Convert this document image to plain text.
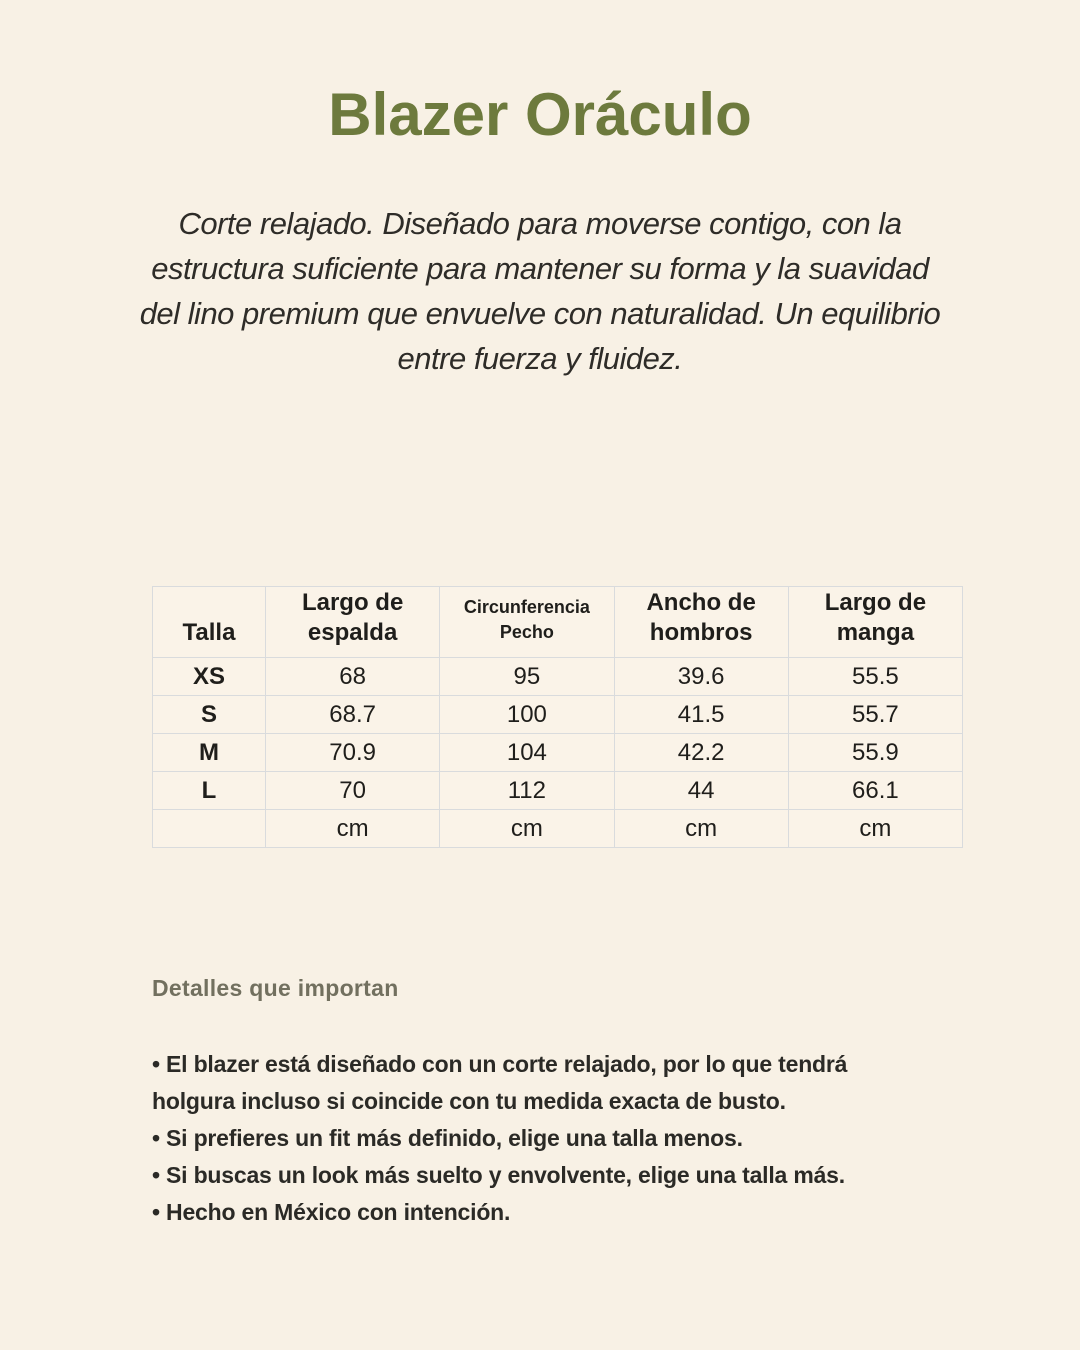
Blazer Oráculo
Corte relajado. Diseñado para moverse contigo, con la
estructura suficiente para mantener su forma y la suavidad
del lino premium que envuelve con naturalidad. Un equilibrio
entre fuerza y fluidez.
Talla	Largo de espalda	Circunferencia Pecho	Ancho de hombros	Largo de manga
XS	68	95	39.6	55.5
S	68.7	100	41.5	55.7
M	70.9	104	42.2	55.9
L	70	112	44	66.1
	cm	cm	cm	cm
Detalles que importan
• El blazer está diseñado con un corte relajado, por lo que tendrá holgura incluso si coincide con tu medida exacta de busto.
• Si prefieres un fit más definido, elige una talla menos.
• Si buscas un look más suelto y envolvente, elige una talla más.
• Hecho en México con intención.
